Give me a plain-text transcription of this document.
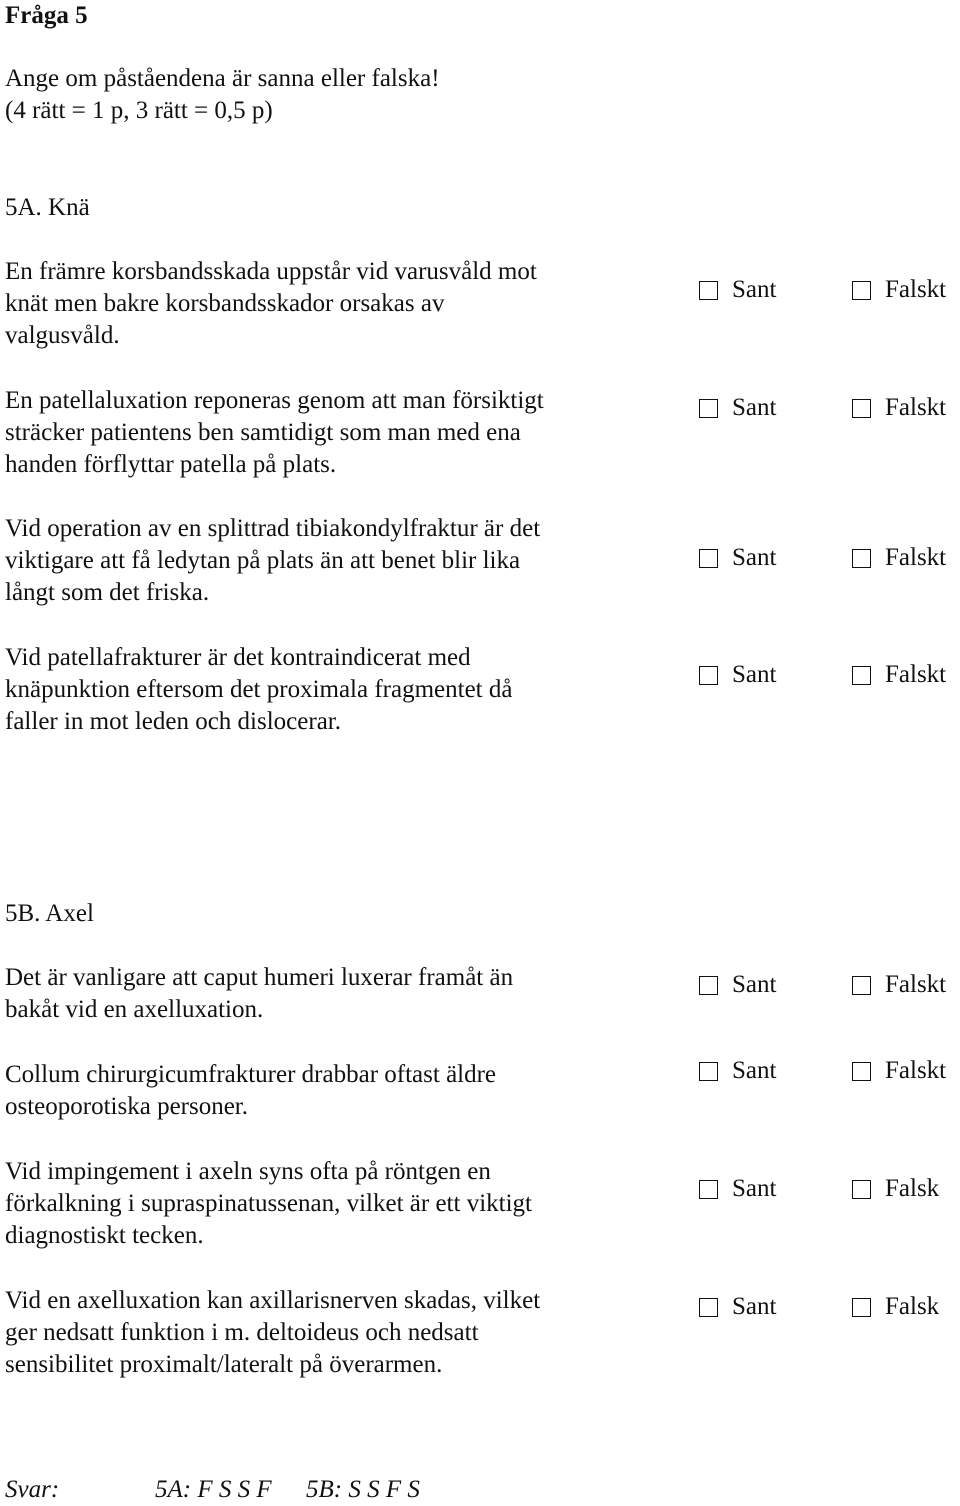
Fråga 5
Ange om påståendena är sanna eller falska!
(4 rätt = 1 p, 3 rätt = 0,5 p)
5A. Knä
En främre korsbandsskada uppstår vid varusvåld mot
knät men bakre korsbandsskador orsakas av
valgusvåld.
Sant	Falskt
En patellaluxation reponeras genom att man försiktigt
sträcker patientens ben samtidigt som man med ena
handen förflyttar patella på plats.
Sant	Falskt
Vid operation av en splittrad tibiakondylfraktur är det
viktigare att få ledytan på plats än att benet blir lika
långt som det friska.
Sant	Falskt
Vid patellafrakturer är det kontraindicerat med
knäpunktion eftersom det proximala fragmentet då
faller in mot leden och dislocerar.
Sant	Falskt
5B. Axel
Det är vanligare att caput humeri luxerar framåt än
bakåt vid en axelluxation.
Sant	Falskt
Collum chirurgicumfrakturer drabbar oftast äldre
osteoporotiska personer.
Sant	Falskt
Vid impingement i axeln syns ofta på röntgen en
förkalkning i supraspinatussenan, vilket är ett viktigt
diagnostiskt tecken.
Sant	Falsk
Vid en axelluxation kan axillarisnerven skadas, vilket
ger nedsatt funktion i m. deltoideus och nedsatt
sensibilitet proximalt/lateralt på överarmen.
Sant	Falsk
Svar:	5A: F S S F 5B: S S F S
